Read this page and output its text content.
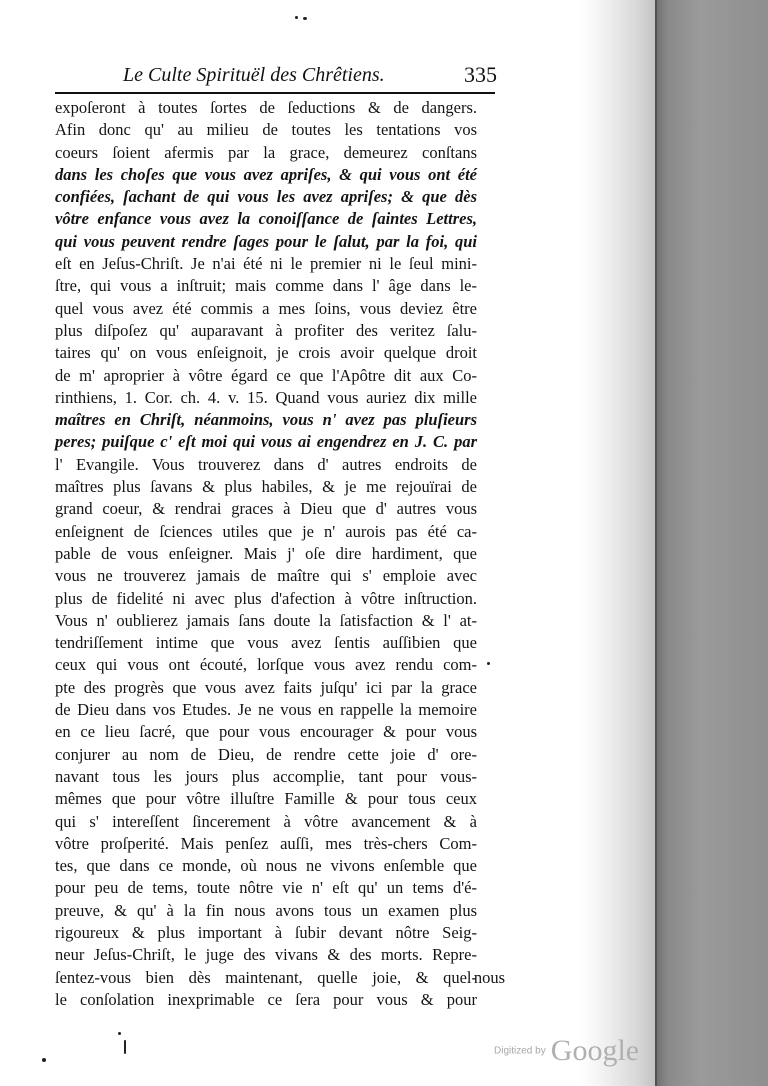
Le Culte Spirituël des Chrêtiens.	335
expoſeront à toutes ſortes de ſeductions & de dangers.
Afin donc qu' au milieu de toutes les tentations vos
coeurs ſoient afermis par la grace, demeurez conſtans
dans les choſes que vous avez apriſes, & qui vous ont été
confiées, ſachant de qui vous les avez apriſes; & que dès
vôtre enfance vous avez la conoiſſance de ſaintes Lettres,
qui vous peuvent rendre ſages pour le ſalut, par la foi, qui
eſt en Jeſus-Chriſt. Je n'ai été ni le premier ni le ſeul mini-
ſtre, qui vous a inſtruit; mais comme dans l' âge dans le-
quel vous avez été commis a mes ſoins, vous deviez être
plus diſpoſez qu' auparavant à profiter des veritez ſalu-
taires qu' on vous enſeignoit, je crois avoir quelque droit
de m' aproprier à vôtre égard ce que l'Apôtre dit aux Co-
rinthiens, 1. Cor. ch. 4. v. 15. Quand vous auriez dix mille
maîtres en Chriſt, néanmoins, vous n' avez pas pluſieurs
peres; puiſque c' eſt moi qui vous ai engendrez en J. C. par
l' Evangile. Vous trouverez dans d' autres endroits de
maîtres plus ſavans & plus habiles, & je me rejouïrai de
grand coeur, & rendrai graces à Dieu que d' autres vous
enſeignent de ſciences utiles que je n' aurois pas été ca-
pable de vous enſeigner. Mais j' oſe dire hardiment, que
vous ne trouverez jamais de maître qui s' emploie avec
plus de fidelité ni avec plus d'afection à vôtre inſtruction.
Vous n' oublierez jamais ſans doute la ſatisfaction & l' at-
tendriſſement intime que vous avez ſentis auſſibien que
ceux qui vous ont écouté, lorſque vous avez rendu com-
pte des progrès que vous avez faits juſqu' ici par la grace
de Dieu dans vos Etudes. Je ne vous en rappelle la memoire
en ce lieu ſacré, que pour vous encourager & pour vous
conjurer au nom de Dieu, de rendre cette joie d' ore-
navant tous les jours plus accomplie, tant pour vous-
mêmes que pour vôtre illuſtre Famille & pour tous ceux
qui s' intereſſent ſincerement à vôtre avancement & à
vôtre proſperité. Mais penſez auſſi, mes très-chers Com-
tes, que dans ce monde, où nous ne vivons enſemble que
pour peu de tems, toute nôtre vie n' eſt qu' un tems d'é-
preuve, & qu' à la fin nous avons tous un examen plus
rigoureux & plus important à ſubir devant nôtre Seig-
neur Jeſus-Chriſt, le juge des vivans & des morts. Repre-
ſentez-vous bien dès maintenant, quelle joie, & quel-
le conſolation inexprimable ce ſera pour vous & pour
nous
Digitized by Google
